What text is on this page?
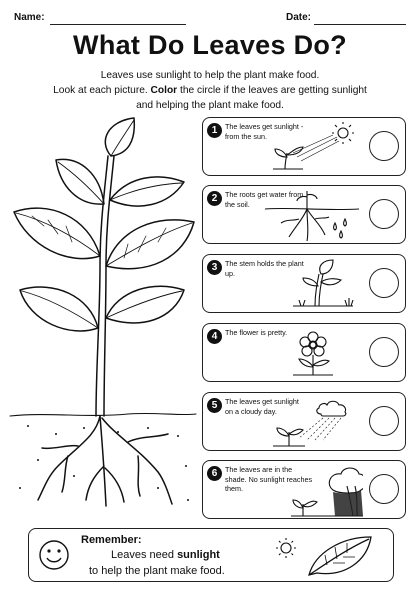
Name:	Date:
What Do Leaves Do?
Leaves use sunlight to help the plant make food.
Look at each picture. Color the circle if the leaves are getting sunlight
and helping the plant make food.
1	The leaves get sunlight - from the sun.
2	The roots get water from the soil.
3	The stem holds the plant up.
4	The flower is pretty.
5	The leaves get sunlight on a cloudy day.
6	The leaves are in the shade. No sunlight reaches them.
Remember:
Leaves need sunlight
to help the plant make food.
